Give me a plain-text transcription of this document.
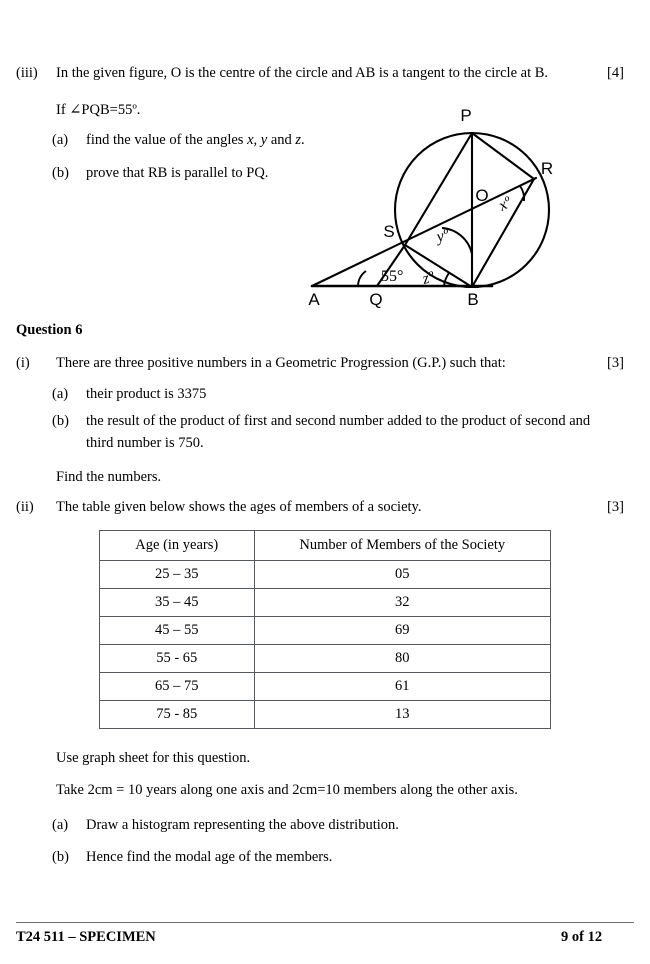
(iii)	In the given figure, O is the centre of the circle and AB is a tangent to the circle at B.	[4]
If ∠PQB=55º.
(a)	find the value of the angles x, y and z.
(b)	prove that RB is parallel to PQ.
P
R
O
S
A	Q	B
55° zº
yº
xº
Question 6
(i)	There are three positive numbers in a Geometric Progression (G.P.) such that:	[3]
(a)	their product is 3375
(b)	the result of the product of first and second number added to the product of second and third number is 750.
Find the numbers.
(ii)	The table given below shows the ages of members of a society.	[3]
Age (in years)	Number of Members of the Society
25 – 35	05
35 – 45	32
45 – 55	69
55 - 65	80
65 – 75	61
75 - 85	13
Use graph sheet for this question.
Take 2cm = 10 years along one axis and 2cm=10 members along the other axis.
(a)	Draw a histogram representing the above distribution.
(b)	Hence find the modal age of the members.
T24 511 – SPECIMEN	9 of 12
